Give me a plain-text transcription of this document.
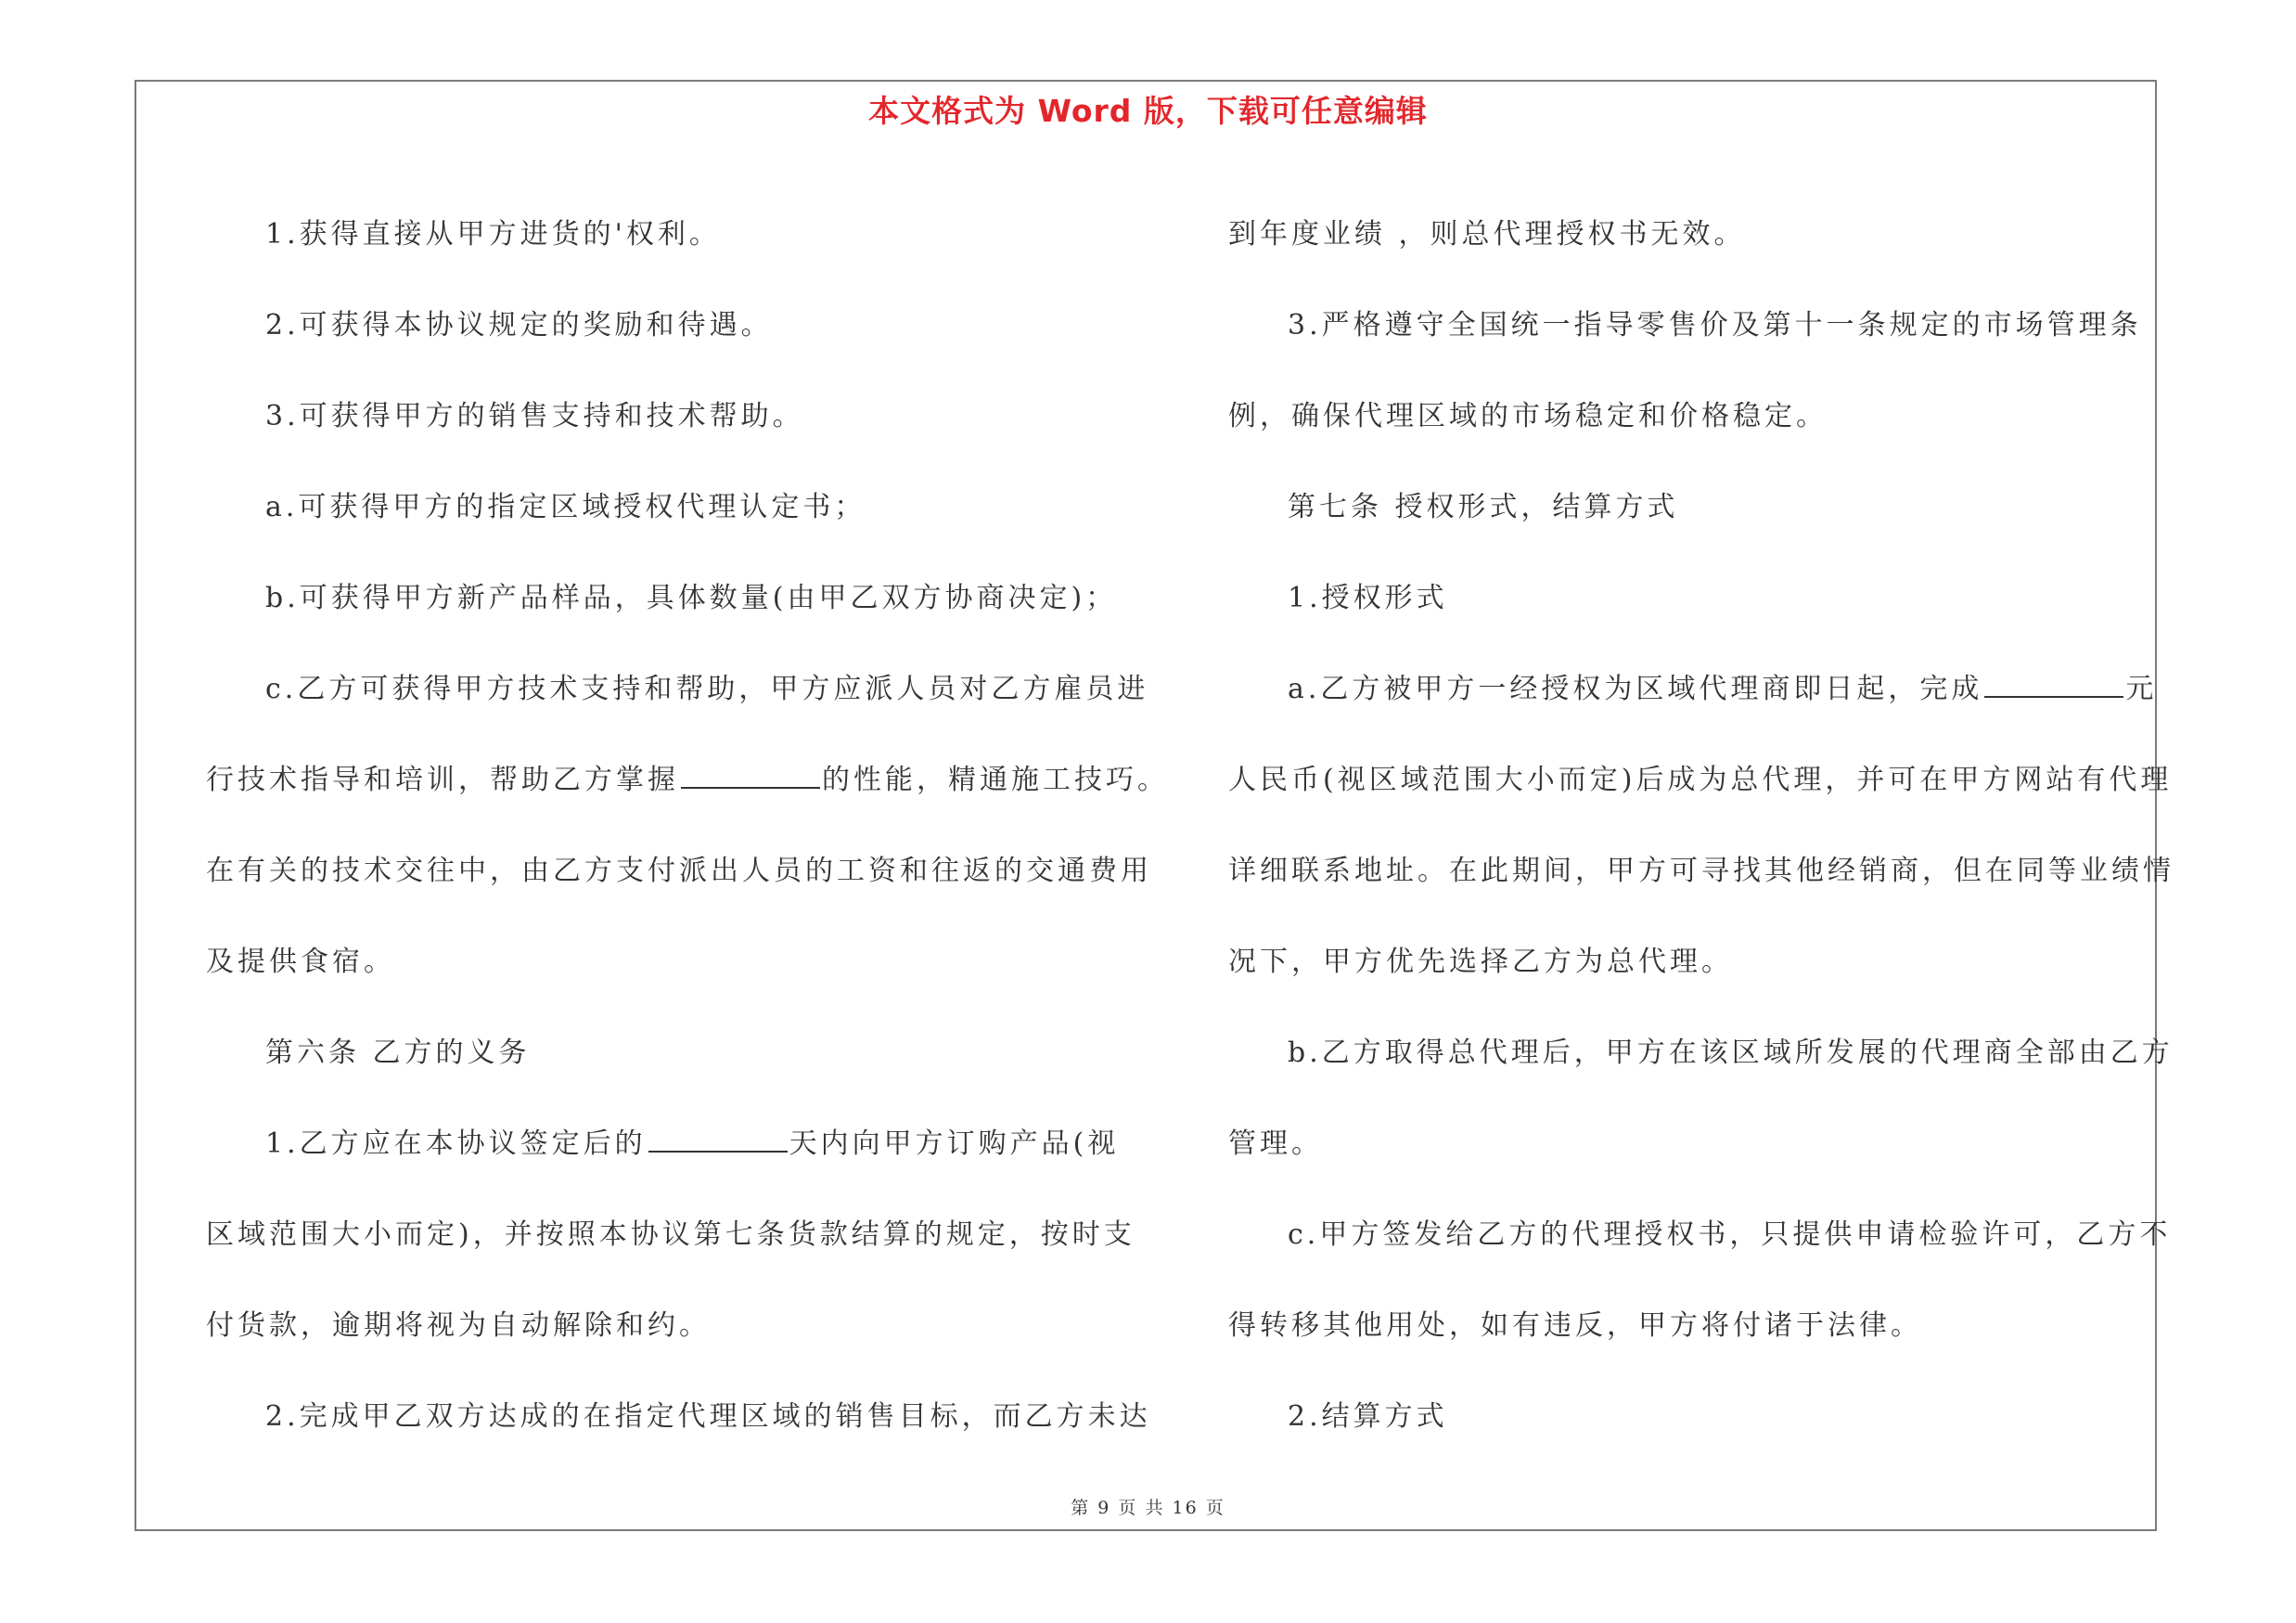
本文格式为 Word 版，下载可任意编辑
1.获得直接从甲方进货的'权利。
2.可获得本协议规定的奖励和待遇。
3.可获得甲方的销售支持和技术帮助。
a.可获得甲方的指定区域授权代理认定书；
b.可获得甲方新产品样品，具体数量(由甲乙双方协商决定)；
c.乙方可获得甲方技术支持和帮助，甲方应派人员对乙方雇员进
行技术指导和培训，帮助乙方掌握	的性能，精通施工技巧。
在有关的技术交往中，由乙方支付派出人员的工资和往返的交通费用
及提供食宿。
第六条 乙方的义务
1.乙方应在本协议签定后的	天内向甲方订购产品(视
区域范围大小而定)，并按照本协议第七条货款结算的规定，按时支
付货款，逾期将视为自动解除和约。
2.完成甲乙双方达成的在指定代理区域的销售目标，而乙方未达
到年度业绩 ，则总代理授权书无效。
3.严格遵守全国统一指导零售价及第十一条规定的市场管理条
例，确保代理区域的市场稳定和价格稳定。
第七条 授权形式，结算方式
1.授权形式
a.乙方被甲方一经授权为区域代理商即日起，完成	元
人民币(视区域范围大小而定)后成为总代理，并可在甲方网站有代理
详细联系地址。在此期间，甲方可寻找其他经销商，但在同等业绩情
况下，甲方优先选择乙方为总代理。
b.乙方取得总代理后，甲方在该区域所发展的代理商全部由乙方
管理。
c.甲方签发给乙方的代理授权书，只提供申请检验许可，乙方不
得转移其他用处，如有违反，甲方将付诸于法律。
2.结算方式
第 9 页 共 16 页
